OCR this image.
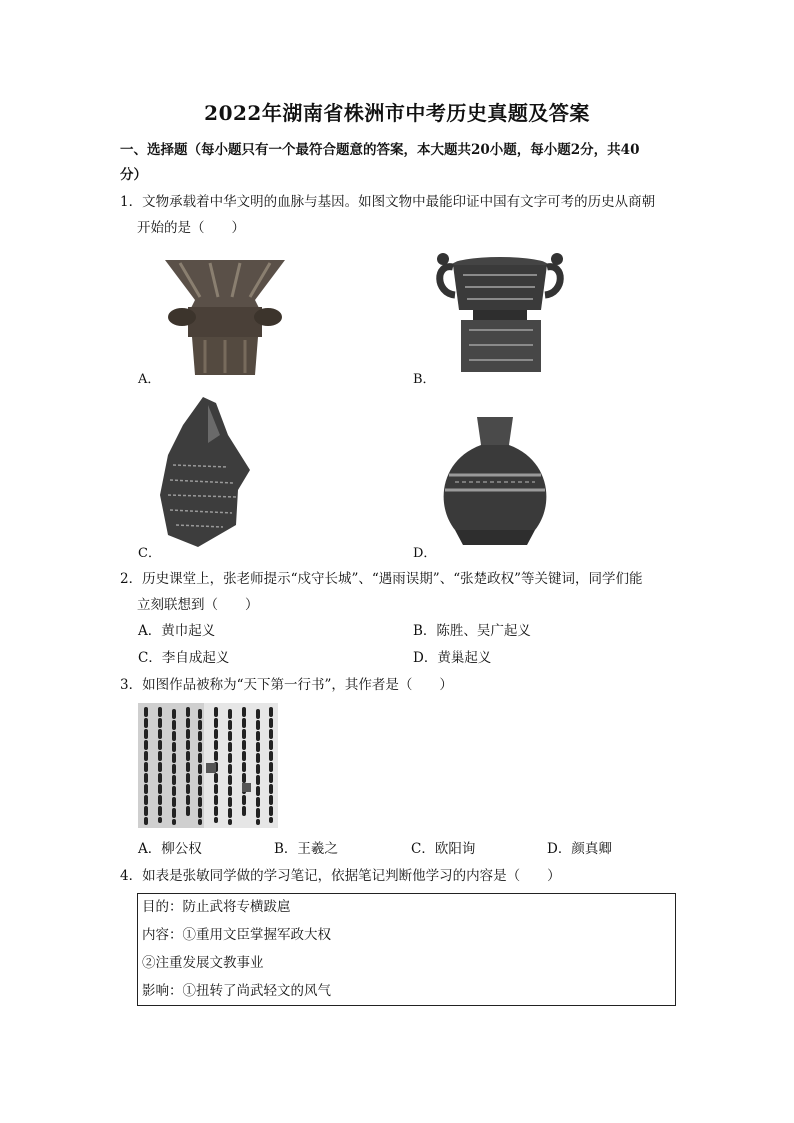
2022年湖南省株洲市中考历史真题及答案
一、选择题（每小题只有一个最符合题意的答案，本大题共20小题，每小题2分，共40
分）
1．文物承载着中华文明的血脉与基因。如图文物中最能印证中国有文字可考的历史从商朝
开始的是（　　）
A．	B．
C．	D．
2．历史课堂上，张老师提示“戍守长城”、“遇雨误期”、“张楚政权”等关键词，同学们能
立刻联想到（　　）
A．黄巾起义	B．陈胜、吴广起义
C．李自成起义	D．黄巢起义
3．如图作品被称为“天下第一行书”，其作者是（　　）
A．柳公权	B．王羲之	C．欧阳询	D．颜真卿
4．如表是张敏同学做的学习笔记，依据笔记判断他学习的内容是（　　）
目的：防止武将专横跋扈
内容：①重用文臣掌握军政大权
②注重发展文教事业
影响：①扭转了尚武轻文的风气
